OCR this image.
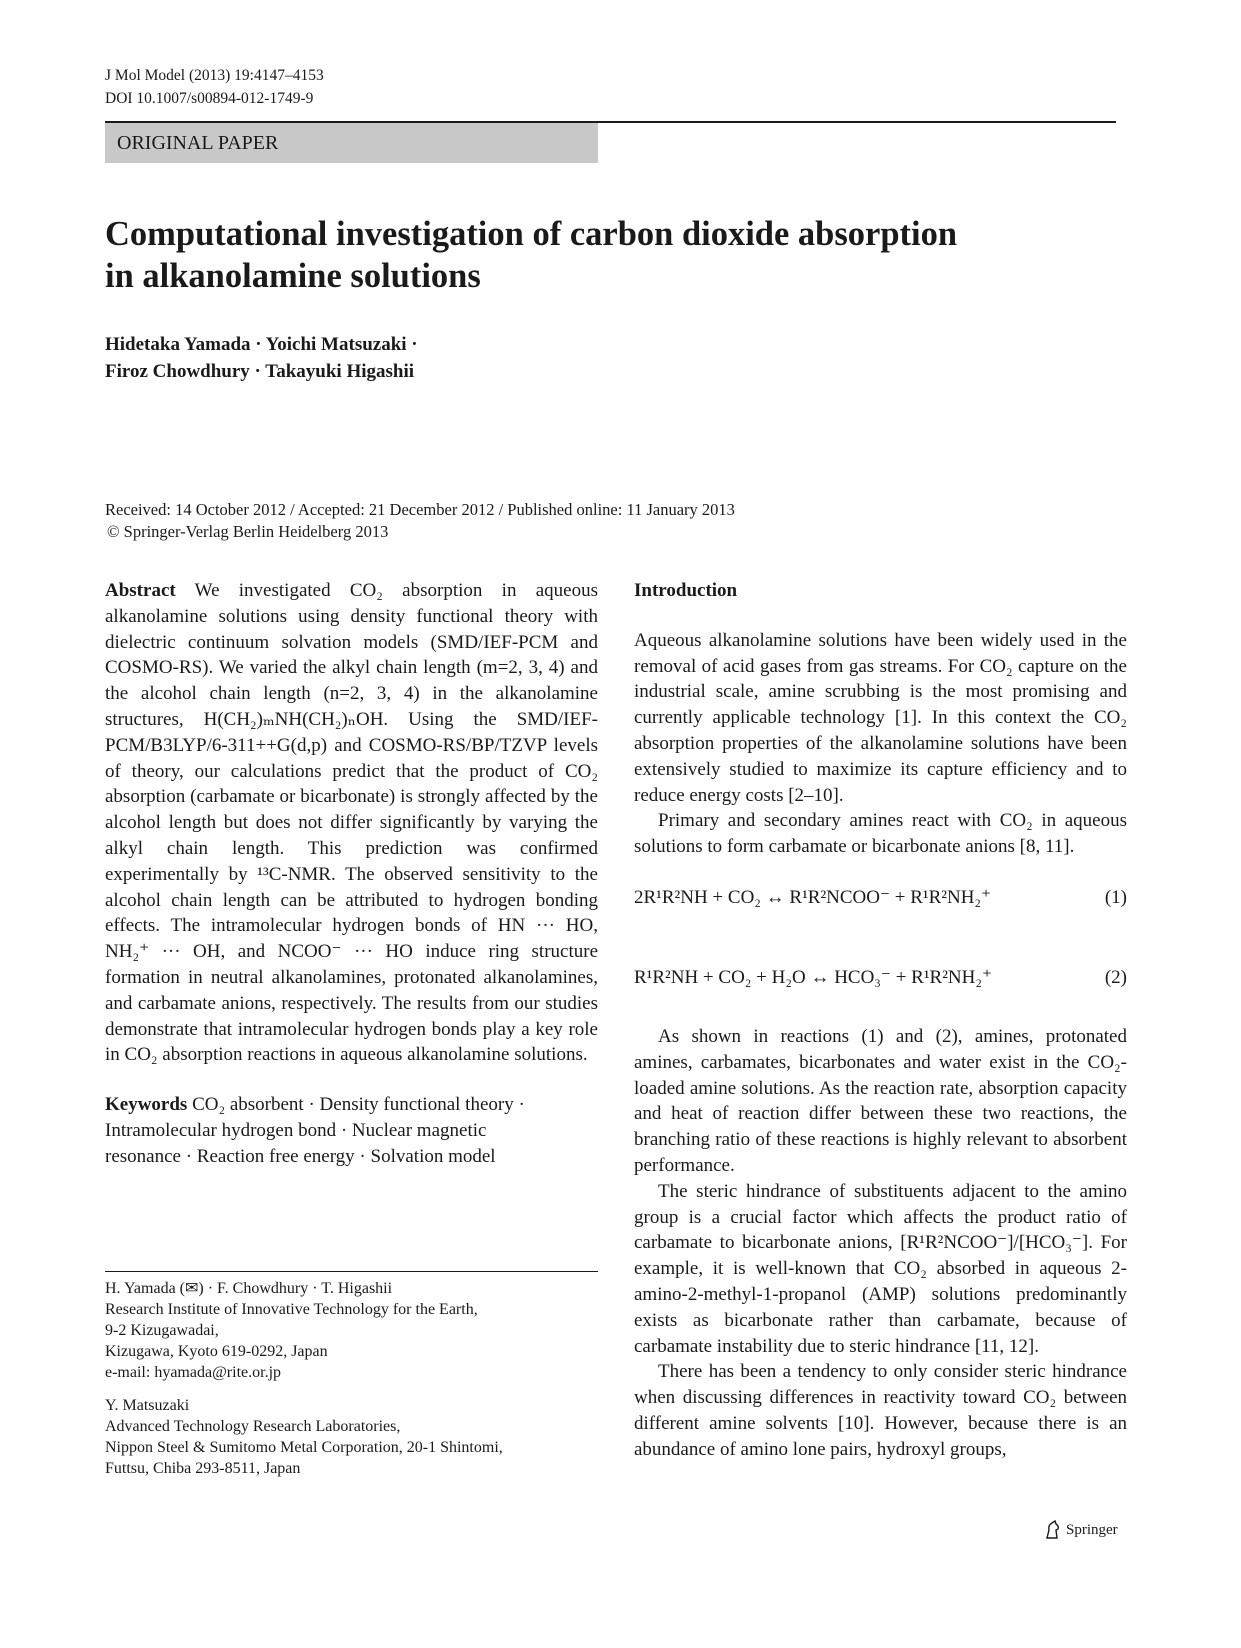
J Mol Model (2013) 19:4147–4153
DOI 10.1007/s00894-012-1749-9
ORIGINAL PAPER
Computational investigation of carbon dioxide absorption
in alkanolamine solutions
Hidetaka Yamada · Yoichi Matsuzaki ·
Firoz Chowdhury · Takayuki Higashii
Received: 14 October 2012 / Accepted: 21 December 2012 / Published online: 11 January 2013
© Springer-Verlag Berlin Heidelberg 2013

Abstract We investigated CO₂ absorption in aqueous alkanolamine solutions using density functional theory with dielectric continuum solvation models (SMD/IEF-PCM and COSMO-RS). We varied the alkyl chain length (m=2, 3, 4) and the alcohol chain length (n=2, 3, 4) in the alkanolamine structures, H(CH₂)ₘNH(CH₂)ₙOH. Using the SMD/IEF-PCM/B3LYP/6-311++G(d,p) and COSMO-RS/BP/TZVP levels of theory, our calculations predict that the product of CO₂ absorption (carbamate or bicarbonate) is strongly affected by the alcohol length but does not differ significantly by varying the alkyl chain length. This prediction was confirmed experimentally by ¹³C-NMR. The observed sensitivity to the alcohol chain length can be attributed to hydrogen bonding effects. The intramolecular hydrogen bonds of HN ··· HO, NH₂⁺ ··· OH, and NCOO⁻ ··· HO induce ring structure formation in neutral alkanolamines, protonated alkanolamines, and carbamate anions, respectively. The results from our studies demonstrate that intramolecular hydrogen bonds play a key role in CO₂ absorption reactions in aqueous alkanolamine solutions.

Keywords CO₂ absorbent · Density functional theory ·
Intramolecular hydrogen bond · Nuclear magnetic
resonance · Reaction free energy · Solvation model

H. Yamada (✉) · F. Chowdhury · T. Higashii

Research Institute of Innovative Technology for the Earth,

9-2 Kizugawadai,

Kizugawa, Kyoto 619-0292, Japan

e-mail: hyamada@rite.or.jp

Y. Matsuzaki

Advanced Technology Research Laboratories,

Nippon Steel & Sumitomo Metal Corporation, 20-1 Shintomi,

Futtsu, Chiba 293-8511, Japan

Introduction

Aqueous alkanolamine solutions have been widely used in the removal of acid gases from gas streams. For CO₂ capture on the industrial scale, amine scrubbing is the most promising and currently applicable technology [1]. In this context the CO₂ absorption properties of the alkanolamine solutions have been extensively studied to maximize its capture efficiency and to reduce energy costs [2–10].

Primary and secondary amines react with CO₂ in aqueous solutions to form carbamate or bicarbonate anions [8, 11].

2R¹R²NH + CO₂ ↔ R¹R²NCOO⁻ + R¹R²NH₂⁺	(1)
R¹R²NH + CO₂ + H₂O ↔ HCO₃⁻ + R¹R²NH₂⁺	(2)

As shown in reactions (1) and (2), amines, protonated amines, carbamates, bicarbonates and water exist in the CO₂-loaded amine solutions. As the reaction rate, absorption capacity and heat of reaction differ between these two reactions, the branching ratio of these reactions is highly relevant to absorbent performance.

The steric hindrance of substituents adjacent to the amino group is a crucial factor which affects the product ratio of carbamate to bicarbonate anions, [R¹R²NCOO⁻]/[HCO₃⁻]. For example, it is well-known that CO₂ absorbed in aqueous 2-amino-2-methyl-1-propanol (AMP) solutions predominantly exists as bicarbonate rather than carbamate, because of carbamate instability due to steric hindrance [11, 12].

There has been a tendency to only consider steric hindrance when discussing differences in reactivity toward CO₂ between different amine solvents [10]. However, because there is an abundance of amino lone pairs, hydroxyl groups,

Springer
